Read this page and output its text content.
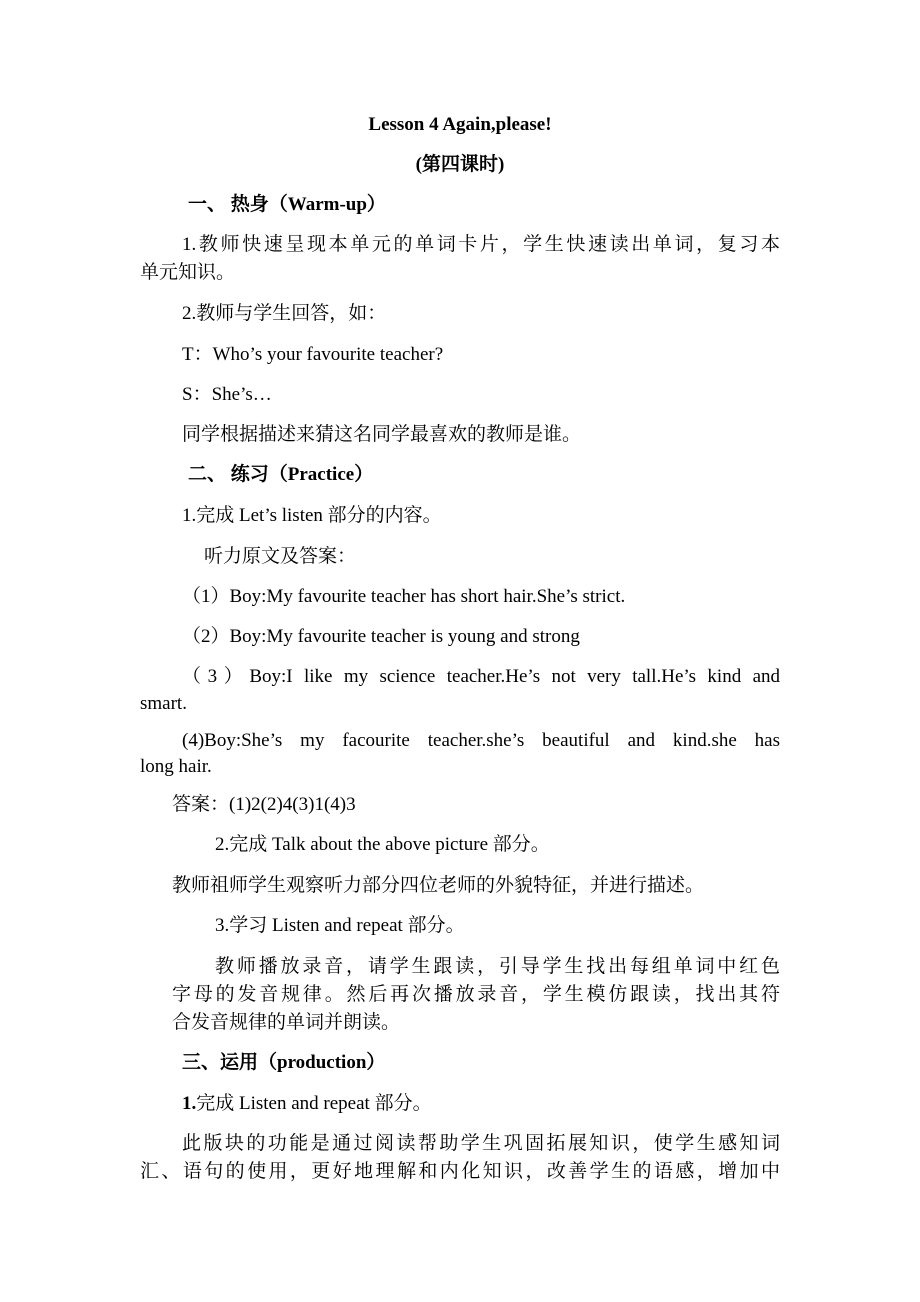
Lesson 4 Again,please!
(第四课时)
一、 热身（Warm-up）
1.教师快速呈现本单元的单词卡片，学生快速读出单词，复习本
单元知识。
2.教师与学生回答，如：
T：Who’s your favourite teacher?
S：She’s…
同学根据描述来猜这名同学最喜欢的教师是谁。
二、 练习（Practice）
1.完成 Let’s listen 部分的内容。
听力原文及答案：
（1）Boy:My favourite teacher has short hair.She’s strict.
（2）Boy:My favourite teacher is young and strong
（3）Boy:I like my science teacher.He’s not very tall.He’s kind and
smart.
(4)Boy:She’s my facourite teacher.she’s beautiful and kind.she has
long hair.
答案：(1)2(2)4(3)1(4)3
2.完成 Talk about the above picture 部分。
教师祖师学生观察听力部分四位老师的外貌特征，并进行描述。
3.学习 Listen and repeat 部分。
教师播放录音，请学生跟读，引导学生找出每组单词中红色
字母的发音规律。然后再次播放录音，学生模仿跟读，找出其符
合发音规律的单词并朗读。
三、运用（production）
1.完成 Listen and repeat 部分。
此版块的功能是通过阅读帮助学生巩固拓展知识，使学生感知词
汇、语句的使用，更好地理解和内化知识，改善学生的语感，增加中
